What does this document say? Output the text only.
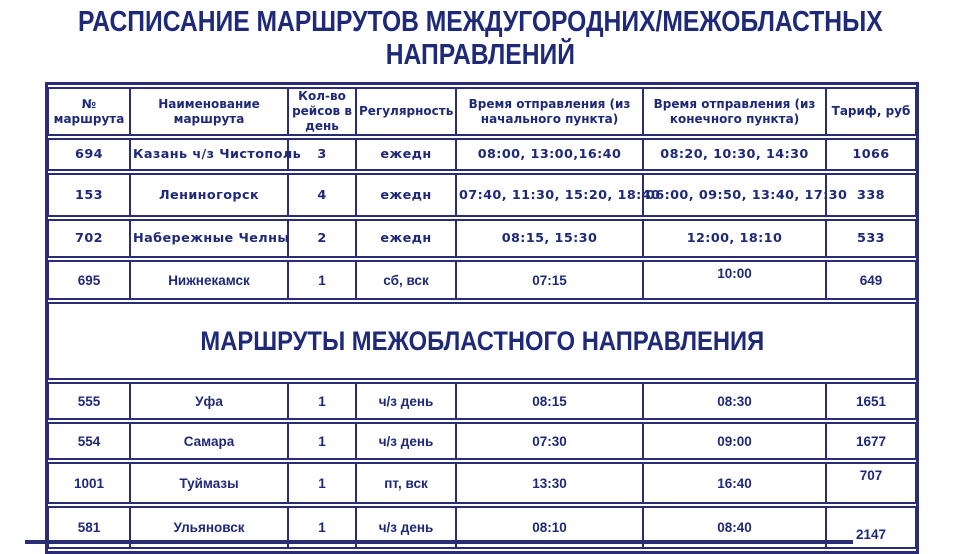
РАСПИСАНИЕ МАРШРУТОВ МЕЖДУГОРОДНИХ/МЕЖОБЛАСТНЫХ
НАПРАВЛЕНИЙ
№ маршрута	Наименование маршрута	Кол-во рейсов в день	Регулярность	Время отправления (из начального пункта)	Время отправления (из конечного пункта)	Тариф, руб
694	Казань ч/з Чистополь	3	ежедн	08:00, 13:00,16:40	08:20, 10:30, 14:30	1066
153	Лениногорск	4	ежедн	07:40, 11:30, 15:20, 18:40	06:00, 09:50, 13:40, 17:30	338
702	Набережные Челны	2	ежедн	08:15, 15:30	12:00, 18:10	533
695	Нижнекамск	1	сб, вск	07:15	10:00	649
МАРШРУТЫ МЕЖОБЛАСТНОГО НАПРАВЛЕНИЯ						
555	Уфа	1	ч/з день	08:15	08:30	1651
554	Самара	1	ч/з день	07:30	09:00	1677
1001	Туймазы	1	пт, вск	13:30	16:40	707
581	Ульяновск	1	ч/з день	08:10	08:40	2147
